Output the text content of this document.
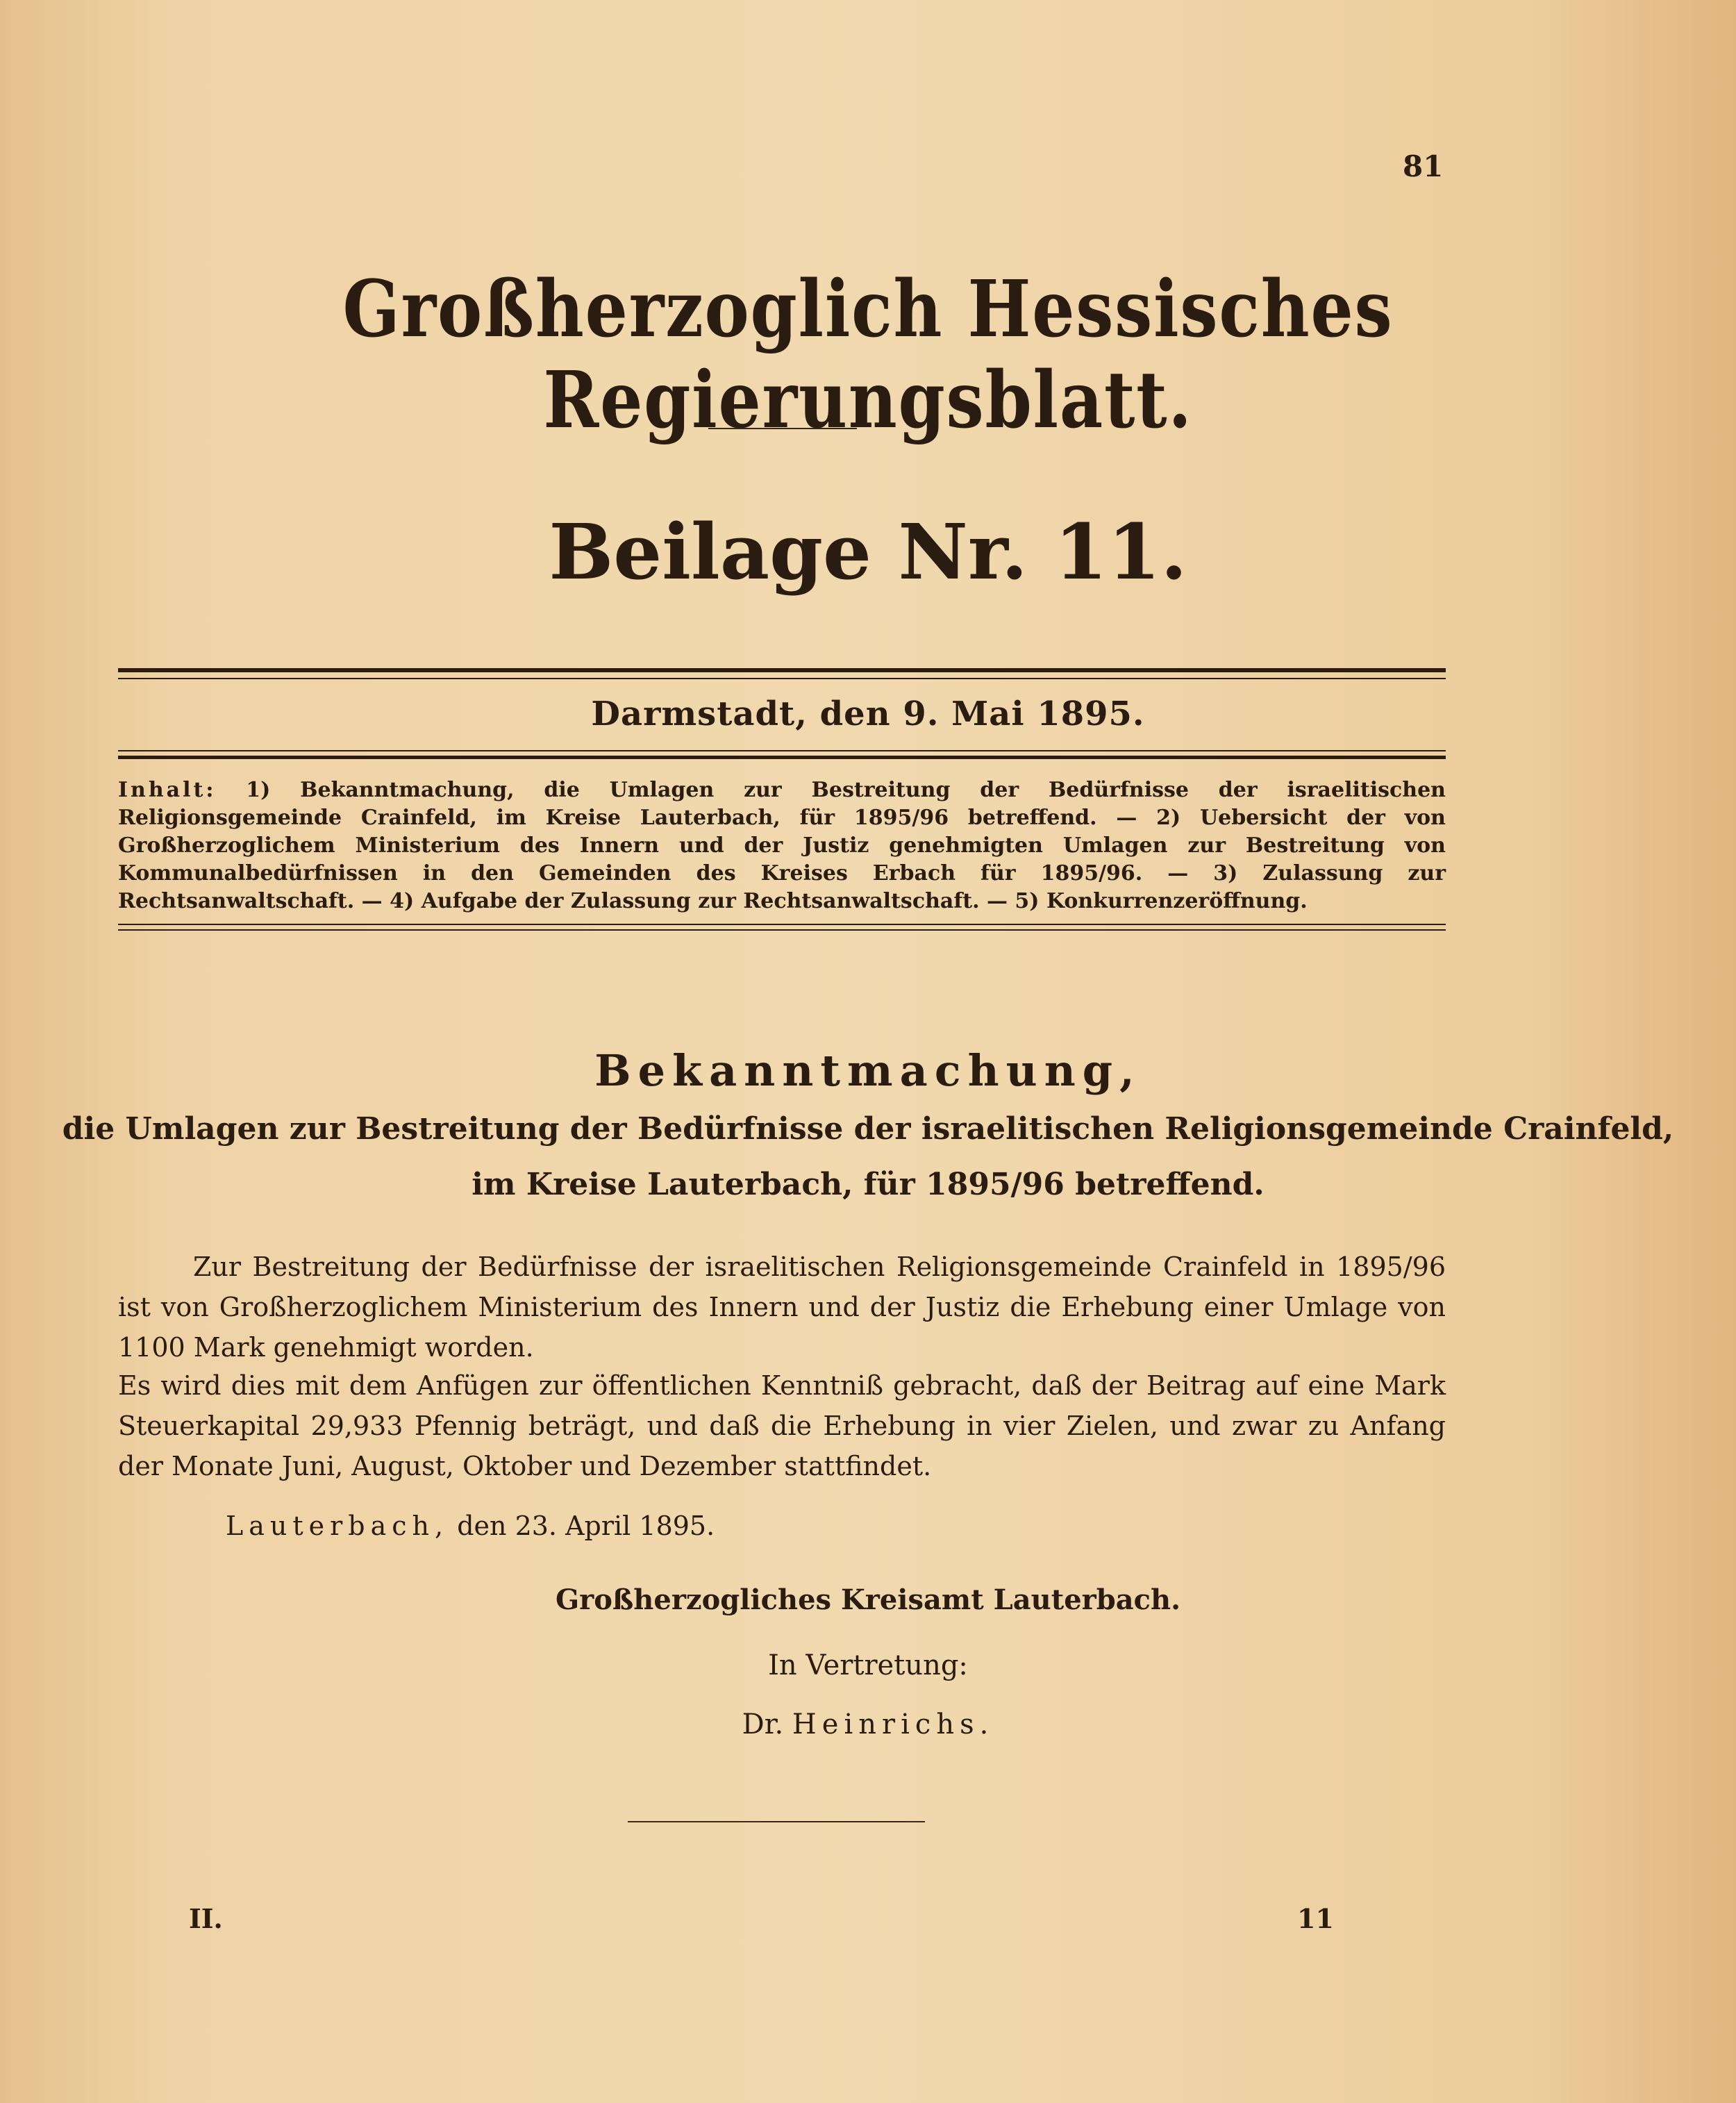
81
Großherzoglich Hessisches Regierungsblatt.
Beilage Nr. 11.
Darmstadt, den 9. Mai 1895.
Inhalt: 1) Bekanntmachung, die Umlagen zur Bestreitung der Bedürfnisse der israelitischen Religionsgemeinde Crainfeld, im Kreise Lauterbach, für 1895/96 betreffend. — 2) Uebersicht der von Großherzoglichem Ministerium des Innern und der Justiz genehmigten Umlagen zur Bestreitung von Kommunalbedürfnissen in den Gemeinden des Kreises Erbach für 1895/96. — 3) Zulassung zur Rechtsanwaltschaft. — 4) Aufgabe der Zulassung zur Rechtsanwaltschaft. — 5) Konkurrenzeröffnung.
Bekanntmachung,
die Umlagen zur Bestreitung der Bedürfnisse der israelitischen Religionsgemeinde Crainfeld,
im Kreise Lauterbach, für 1895/96 betreffend.
Zur Bestreitung der Bedürfnisse der israelitischen Religionsgemeinde Crainfeld in 1895/96 ist von Großherzoglichem Ministerium des Innern und der Justiz die Erhebung einer Umlage von 1100 Mark genehmigt worden.
Es wird dies mit dem Anfügen zur öffentlichen Kenntniß gebracht, daß der Beitrag auf eine Mark Steuerkapital 29,933 Pfennig beträgt, und daß die Erhebung in vier Zielen, und zwar zu Anfang der Monate Juni, August, Oktober und Dezember stattfindet.
Lauterbach, den 23. April 1895.
Großherzogliches Kreisamt Lauterbach.
In Vertretung:
Dr. Heinrichs.
II.	11
